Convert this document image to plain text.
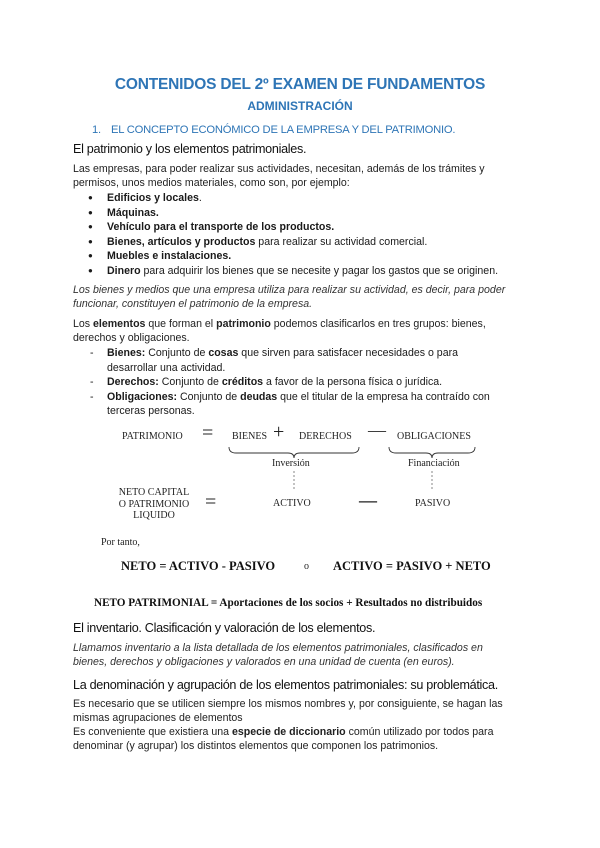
CONTENIDOS DEL 2º EXAMEN DE FUNDAMENTOS
ADMINISTRACIÓN
1. EL CONCEPTO ECONÓMICO DE LA EMPRESA Y DEL PATRIMONIO.
El patrimonio y los elementos patrimoniales.
Las empresas, para poder realizar sus actividades, necesitan, además de los trámites y
permisos, unos medios materiales, como son, por ejemplo:
● Edificios y locales.
● Máquinas.
● Vehículo para el transporte de los productos.
● Bienes, artículos y productos para realizar su actividad comercial.
● Muebles e instalaciones.
● Dinero para adquirir los bienes que se necesite y pagar los gastos que se originen.
Los bienes y medios que una empresa utiliza para realizar su actividad, es decir, para poder
funcionar, constituyen el patrimonio de la empresa.
Los elementos que forman el patrimonio podemos clasificarlos en tres grupos: bienes,
derechos y obligaciones.
- Bienes: Conjunto de cosas que sirven para satisfacer necesidades o para
desarrollar una actividad.
- Derechos: Conjunto de créditos a favor de la persona física o jurídica.
- Obligaciones: Conjunto de deudas que el titular de la empresa ha contraído con
terceras personas.
PATRIMONIO = BIENES + DERECHOS — OBLIGACIONES
Inversión	Financiación
NETO CAPITAL
O PATRIMONIO
LIQUIDO
=	ACTIVO	—	PASIVO
Por tanto,
NETO = ACTIVO - PASIVO	o ACTIVO = PASIVO + NETO
NETO PATRIMONIAL = Aportaciones de los socios + Resultados no distribuidos
El inventario. Clasificación y valoración de los elementos.
Llamamos inventario a la lista detallada de los elementos patrimoniales, clasificados en
bienes, derechos y obligaciones y valorados en una unidad de cuenta (en euros).
La denominación y agrupación de los elementos patrimoniales: su problemática.
Es necesario que se utilicen siempre los mismos nombres y, por consiguiente, se hagan las
mismas agrupaciones de elementos
Es conveniente que existiera una especie de diccionario común utilizado por todos para
denominar (y agrupar) los distintos elementos que componen los patrimonios.
